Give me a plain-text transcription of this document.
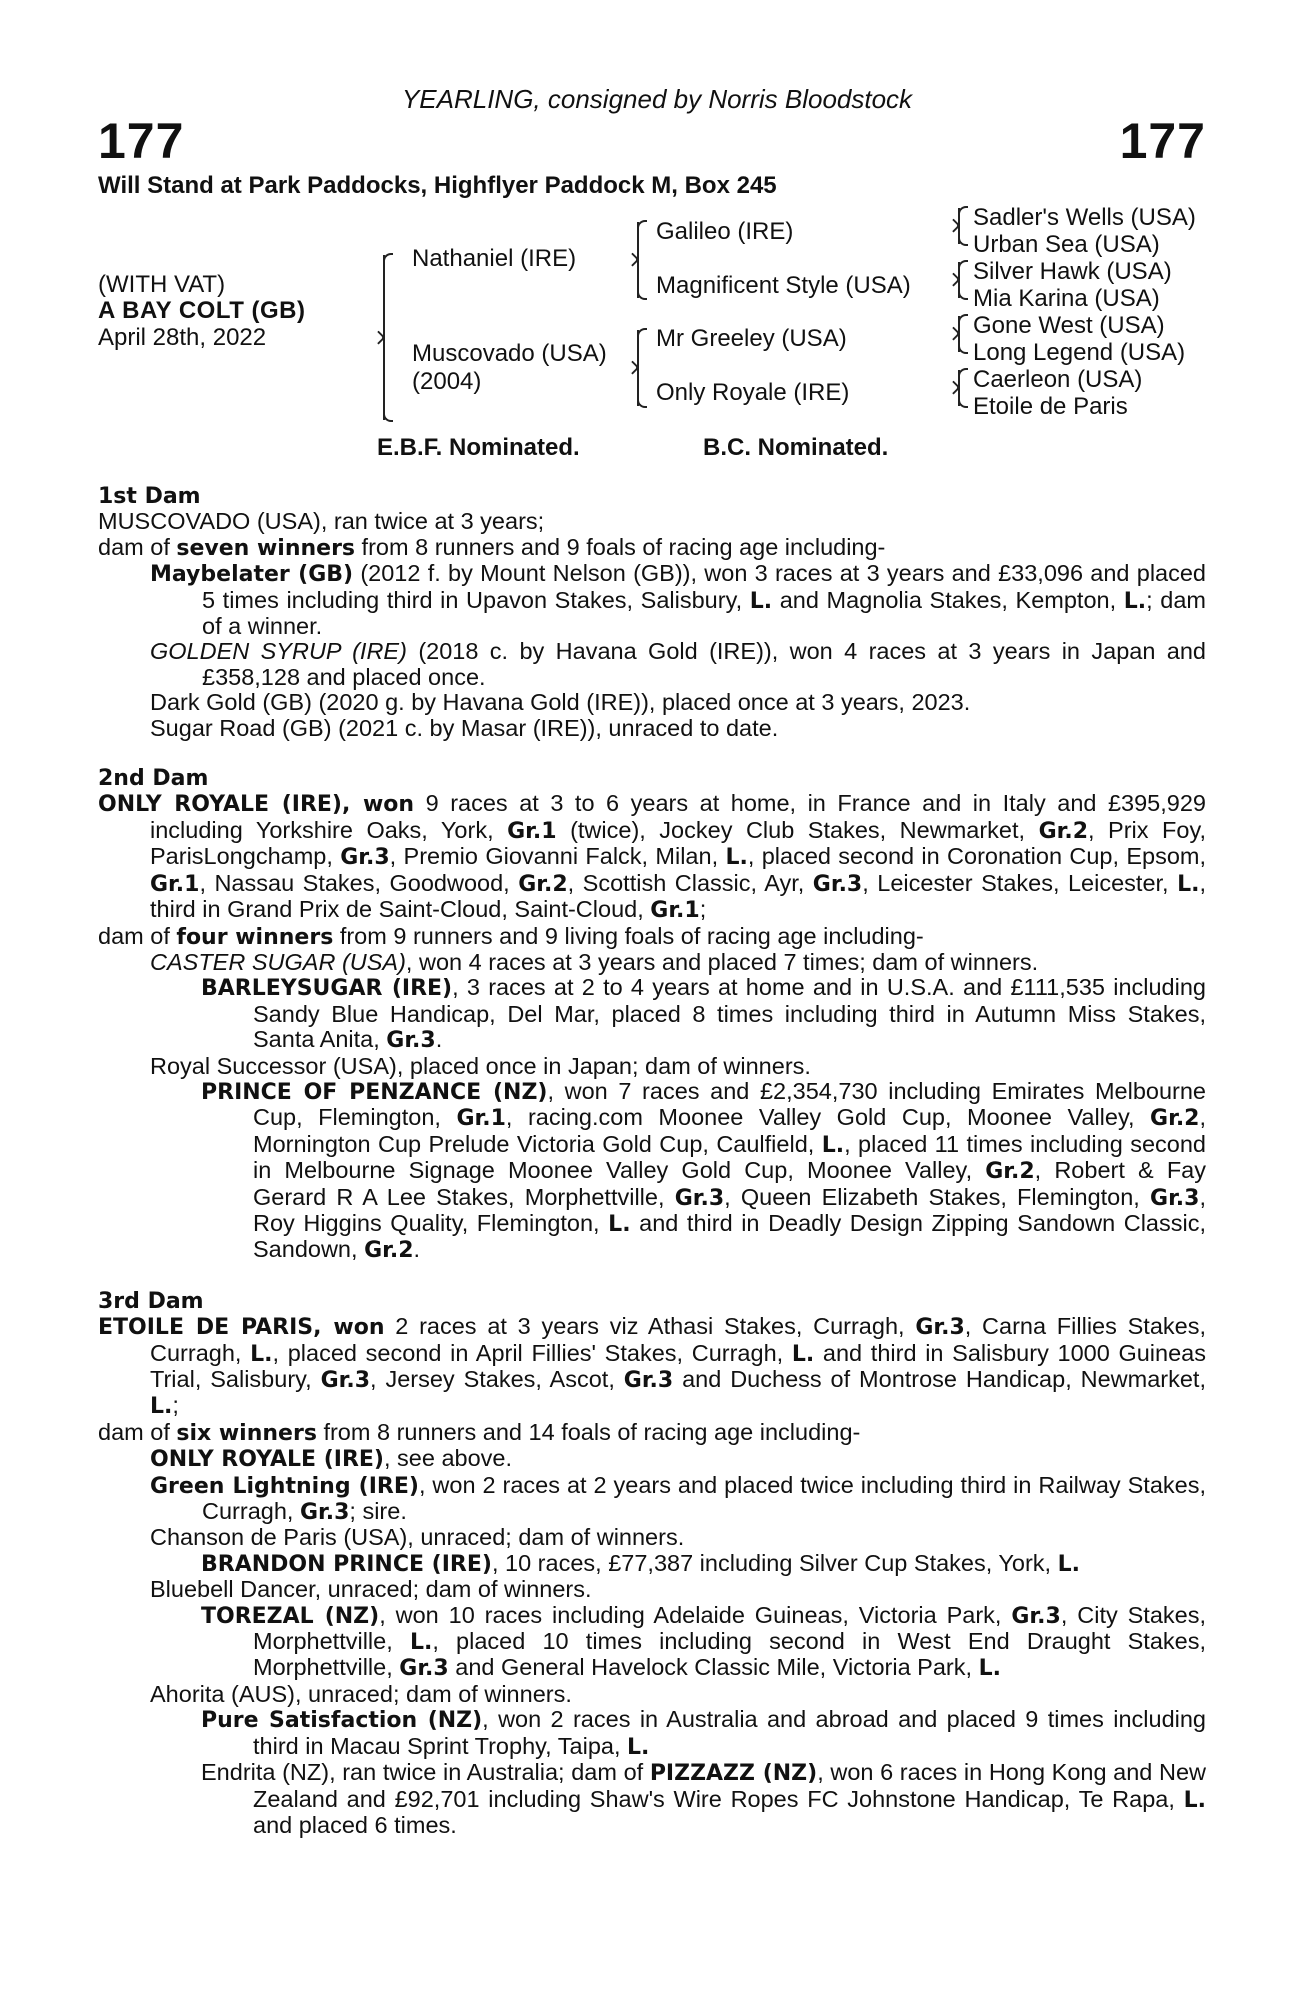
YEARLING, consigned by Norris Bloodstock
177	177
Will Stand at Park Paddocks, Highflyer Paddock M, Box 245
(WITH VAT)
A BAY COLT (GB)
April 28th, 2022
Nathaniel (IRE)
Muscovado (USA)
(2004)
Galileo (IRE)
Magnificent Style (USA)
Mr Greeley (USA)
Only Royale (IRE)
Sadler's Wells (USA)
Urban Sea (USA)
Silver Hawk (USA)
Mia Karina (USA)
Gone West (USA)
Long Legend (USA)
Caerleon (USA)
Etoile de Paris
E.B.F. Nominated.	B.C. Nominated.
1st Dam
MUSCOVADO (USA), ran twice at 3 years;
dam of seven winners from 8 runners and 9 foals of racing age including-
Maybelater (GB) (2012 f. by Mount Nelson (GB)), won 3 races at 3 years and £33,096 and placed 5 times including third in Upavon Stakes, Salisbury, L. and Magnolia Stakes, Kempton, L.; dam of a winner.
GOLDEN SYRUP (IRE) (2018 c. by Havana Gold (IRE)), won 4 races at 3 years in Japan and £358,128 and placed once.
Dark Gold (GB) (2020 g. by Havana Gold (IRE)), placed once at 3 years, 2023.
Sugar Road (GB) (2021 c. by Masar (IRE)), unraced to date.
2nd Dam
ONLY ROYALE (IRE), won 9 races at 3 to 6 years at home, in France and in Italy and £395,929 including Yorkshire Oaks, York, Gr.1 (twice), Jockey Club Stakes, Newmarket, Gr.2, Prix Foy, ParisLongchamp, Gr.3, Premio Giovanni Falck, Milan, L., placed second in Coronation Cup, Epsom, Gr.1, Nassau Stakes, Goodwood, Gr.2, Scottish Classic, Ayr, Gr.3, Leicester Stakes, Leicester, L., third in Grand Prix de Saint-Cloud, Saint-Cloud, Gr.1;
dam of four winners from 9 runners and 9 living foals of racing age including-
CASTER SUGAR (USA), won 4 races at 3 years and placed 7 times; dam of winners.
BARLEYSUGAR (IRE), 3 races at 2 to 4 years at home and in U.S.A. and £111,535 including Sandy Blue Handicap, Del Mar, placed 8 times including third in Autumn Miss Stakes, Santa Anita, Gr.3.
Royal Successor (USA), placed once in Japan; dam of winners.
PRINCE OF PENZANCE (NZ), won 7 races and £2,354,730 including Emirates Melbourne Cup, Flemington, Gr.1, racing.com Moonee Valley Gold Cup, Moonee Valley, Gr.2, Mornington Cup Prelude Victoria Gold Cup, Caulfield, L., placed 11 times including second in Melbourne Signage Moonee Valley Gold Cup, Moonee Valley, Gr.2, Robert & Fay Gerard R A Lee Stakes, Morphettville, Gr.3, Queen Elizabeth Stakes, Flemington, Gr.3, Roy Higgins Quality, Flemington, L. and third in Deadly Design Zipping Sandown Classic, Sandown, Gr.2.
3rd Dam
ETOILE DE PARIS, won 2 races at 3 years viz Athasi Stakes, Curragh, Gr.3, Carna Fillies Stakes, Curragh, L., placed second in April Fillies' Stakes, Curragh, L. and third in Salisbury 1000 Guineas Trial, Salisbury, Gr.3, Jersey Stakes, Ascot, Gr.3 and Duchess of Montrose Handicap, Newmarket, L.;
dam of six winners from 8 runners and 14 foals of racing age including-
ONLY ROYALE (IRE), see above.
Green Lightning (IRE), won 2 races at 2 years and placed twice including third in Railway Stakes, Curragh, Gr.3; sire.
Chanson de Paris (USA), unraced; dam of winners.
BRANDON PRINCE (IRE), 10 races, £77,387 including Silver Cup Stakes, York, L.
Bluebell Dancer, unraced; dam of winners.
TOREZAL (NZ), won 10 races including Adelaide Guineas, Victoria Park, Gr.3, City Stakes, Morphettville, L., placed 10 times including second in West End Draught Stakes, Morphettville, Gr.3 and General Havelock Classic Mile, Victoria Park, L.
Ahorita (AUS), unraced; dam of winners.
Pure Satisfaction (NZ), won 2 races in Australia and abroad and placed 9 times including third in Macau Sprint Trophy, Taipa, L.
Endrita (NZ), ran twice in Australia; dam of PIZZAZZ (NZ), won 6 races in Hong Kong and New Zealand and £92,701 including Shaw's Wire Ropes FC Johnstone Handicap, Te Rapa, L. and placed 6 times.
